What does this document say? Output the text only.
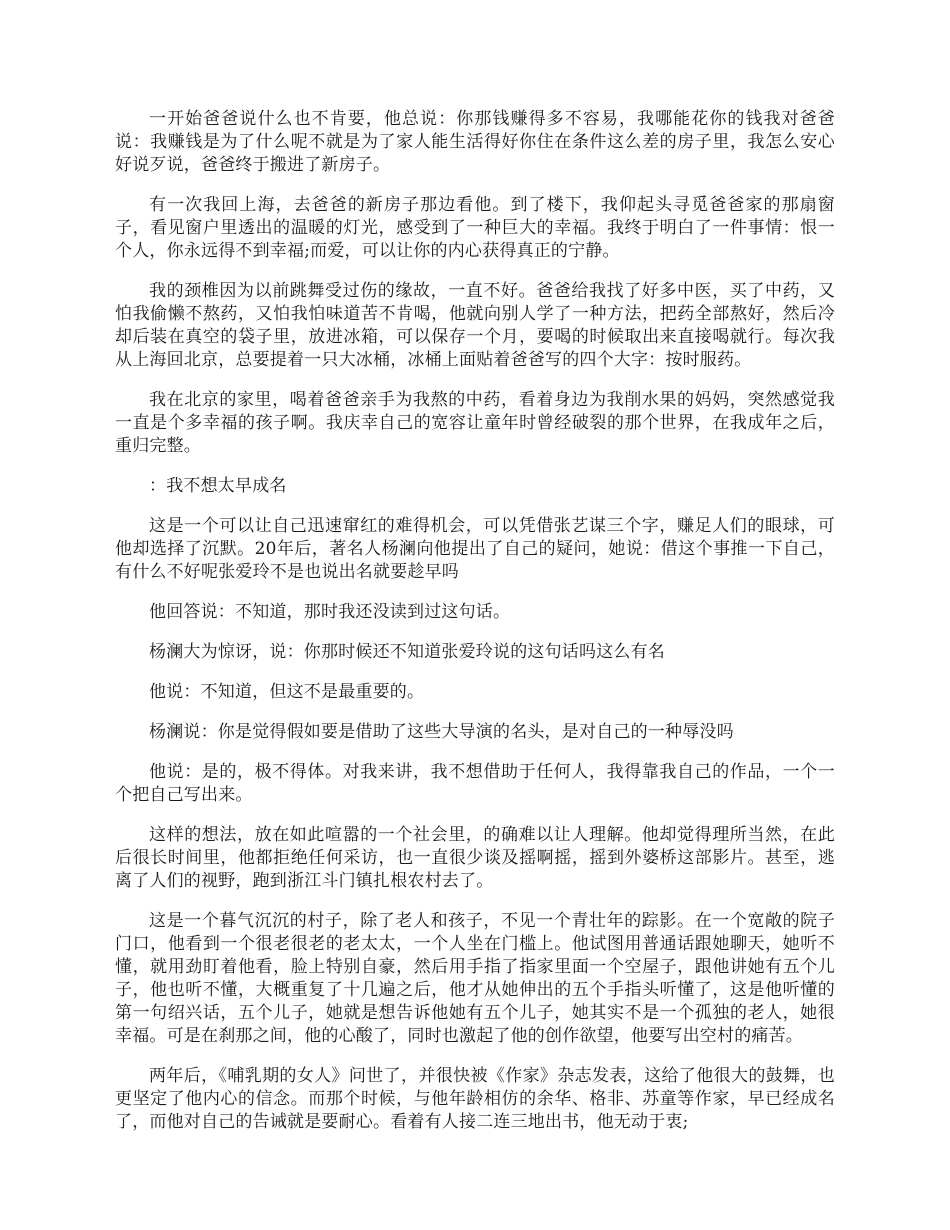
一开始爸爸说什么也不肯要，他总说：你那钱赚得多不容易，我哪能花你的钱我对爸爸说：我赚钱是为了什么呢不就是为了家人能生活得好你住在条件这么差的房子里，我怎么安心好说歹说，爸爸终于搬进了新房子。

有一次我回上海，去爸爸的新房子那边看他。到了楼下，我仰起头寻觅爸爸家的那扇窗子，看见窗户里透出的温暖的灯光，感受到了一种巨大的幸福。我终于明白了一件事情：恨一个人，你永远得不到幸福;而爱，可以让你的内心获得真正的宁静。

我的颈椎因为以前跳舞受过伤的缘故，一直不好。爸爸给我找了好多中医，买了中药，又怕我偷懒不熬药，又怕我怕味道苦不肯喝，他就向别人学了一种方法，把药全部熬好，然后冷却后装在真空的袋子里，放进冰箱，可以保存一个月，要喝的时候取出来直接喝就行。每次我从上海回北京，总要提着一只大冰桶，冰桶上面贴着爸爸写的四个大字：按时服药。

我在北京的家里，喝着爸爸亲手为我熬的中药，看着身边为我削水果的妈妈，突然感觉我一直是个多幸福的孩子啊。我庆幸自己的宽容让童年时曾经破裂的那个世界，在我成年之后，重归完整。

：我不想太早成名

这是一个可以让自己迅速窜红的难得机会，可以凭借张艺谋三个字，赚足人们的眼球，可他却选择了沉默。20年后，著名人杨澜向他提出了自己的疑问，她说：借这个事推一下自己，有什么不好呢张爱玲不是也说出名就要趁早吗

他回答说：不知道，那时我还没读到过这句话。

杨澜大为惊讶，说：你那时候还不知道张爱玲说的这句话吗这么有名

他说：不知道，但这不是最重要的。

杨澜说：你是觉得假如要是借助了这些大导演的名头，是对自己的一种辱没吗

他说：是的，极不得体。对我来讲，我不想借助于任何人，我得靠我自己的作品，一个一个把自己写出来。

这样的想法，放在如此喧嚣的一个社会里，的确难以让人理解。他却觉得理所当然，在此后很长时间里，他都拒绝任何采访，也一直很少谈及摇啊摇，摇到外婆桥这部影片。甚至，逃离了人们的视野，跑到浙江斗门镇扎根农村去了。

这是一个暮气沉沉的村子，除了老人和孩子，不见一个青壮年的踪影。在一个宽敞的院子门口，他看到一个很老很老的老太太，一个人坐在门槛上。他试图用普通话跟她聊天，她听不懂，就用劲盯着他看，脸上特别自豪，然后用手指了指家里面一个空屋子，跟他讲她有五个儿子，他也听不懂，大概重复了十几遍之后，他才从她伸出的五个手指头听懂了，这是他听懂的第一句绍兴话，五个儿子，她就是想告诉他她有五个儿子，她其实不是一个孤独的老人，她很幸福。可是在刹那之间，他的心酸了，同时也激起了他的创作欲望，他要写出空村的痛苦。

两年后，《哺乳期的女人》问世了，并很快被《作家》杂志发表，这给了他很大的鼓舞，也更坚定了他内心的信念。而那个时候，与他年龄相仿的余华、格非、苏童等作家，早已经成名了，而他对自己的告诫就是要耐心。看着有人接二连三地出书，他无动于衷;
